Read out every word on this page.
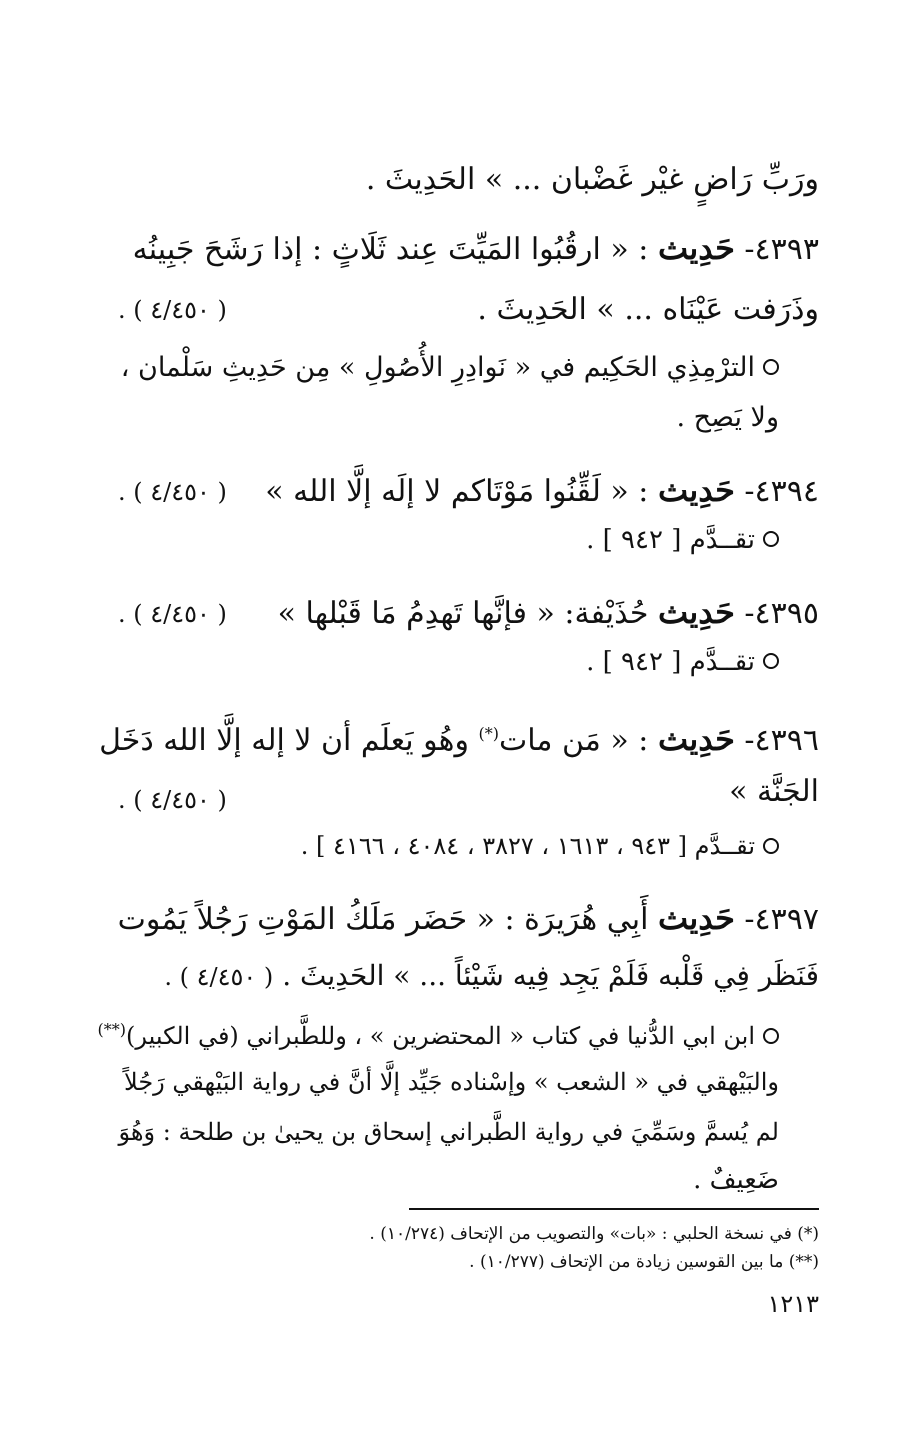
ورَبِّ رَاضٍ غيْر غَضْبان ... » الحَدِيثَ .
٤٣٩٣- حَدِيث : « ارقُبُوا المَيِّتَ عِند ثَلَاثٍ : إذا رَشَحَ جَبِينُه
وذَرَفت عَيْنَاه ... » الحَدِيثَ .
( ٤/٤٥٠ ) .
الترْمِذِي الحَكِيم في « نَوادِرِ الأُصُولِ » مِن حَدِيثِ سَلْمان ،
ولا يَصِح .
٤٣٩٤- حَدِيث : « لَقِّنُوا مَوْتَاكم لا إلَه إلَّا الله »
( ٤/٤٥٠ ) .
تقــدَّم [ ٩٤٢ ] .
٤٣٩٥- حَدِيث حُذَيْفة: « فإنَّها تَهدِمُ مَا قَبْلها »
( ٤/٤٥٠ ) .
تقــدَّم [ ٩٤٢ ] .
٤٣٩٦- حَدِيث : « مَن مات(*) وهُو يَعلَم أن لا إله إلَّا الله دَخَل
الجَنَّة »
( ٤/٤٥٠ ) .
تقــدَّم [ ٩٤٣ ، ١٦١٣ ، ٣٨٢٧ ، ٤٠٨٤ ، ٤١٦٦ ] .
٤٣٩٧- حَدِيث أَبِي هُرَيرَة : « حَضَر مَلَكُ المَوْتِ رَجُلاً يَمُوت
فَنَظَر فِي قَلْبه فَلَمْ يَجِد فِيه شَيْئاً ... » الحَدِيثَ . ( ٤/٤٥٠ ) .
ابن ابي الدُّنيا في كتاب « المحتضرين » ، وللطَّبراني (في الكبير)(**)
والبَيْهقي في « الشعب » وإسْناده جَيِّد إلَّا أنَّ في رواية البَيْهقي رَجُلاً
لم يُسمَّ وسَمِّيَ في رواية الطَّبراني إسحاق بن يحيىٰ بن طلحة : وَهُوَ
ضَعِيفٌ .
(*) في نسخة الحلبي : «بات» والتصويب من الإتحاف (١٠/٢٧٤) .
(**) ما بين القوسين زيادة من الإتحاف (١٠/٢٧٧) .
١٢١٣
